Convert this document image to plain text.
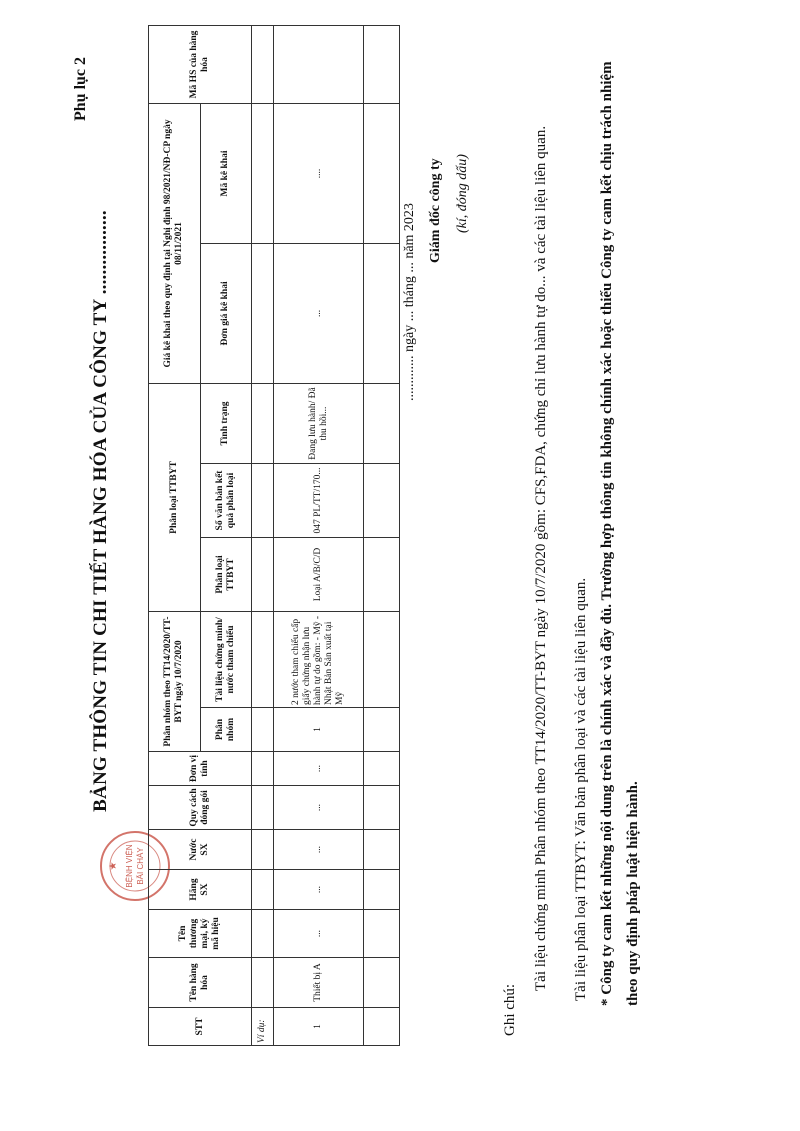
Phụ lục 2
BẢNG THÔNG TIN CHI TIẾT HÀNG HÓA CỦA CÔNG TY .................
BỆNH VIỆN BÃI CHÁY
★
STT	Tên hàng hóa	Tên thương mại, ký mã hiệu	Hãng SX	Nước SX	Quy cách đóng gói	Đơn vị tính	Phân nhóm theo TT14/2020/TT-BYT ngày 10/7/2020		Phân loại TTBYT			Giá kê khai theo quy định tại Nghị định 98/2021/NĐ-CP ngày 08/11/2021		Mã HS của hàng hóa
							Phân nhóm	Tài liệu chứng minh/ nước tham chiếu	Phân loại TTBYT	Số văn bản kết quả phân loại	Tình trạng	Đơn giá kê khai	Mã kê khai	
Ví dụ:														
1	Thiết bị A	...	...	...	...	...	1	2 nước tham chiếu cấp giấy chứng nhận lưu hành tự do gồm: - Mỹ - Nhật Bản Sản xuất tại Mỹ	Loại A/B/C/D	047 PL/TT/170...	Đang lưu hành/ Đã thu hồi...	...	....	

............. ngày ... tháng ... năm 2023 Giám đốc công ty (kí, đóng dấu)
Ghi chú:
Tài liệu chứng minh Phân nhóm theo TT14/2020/TT-BYT ngày 10/7/2020 gồm: CFS,FDA, chứng chỉ lưu hành tự do... và các tài liệu liên quan.	Tài liệu phân loại TTBYT: Văn bản phân loại và các tài liệu liên quan. * Công ty cam kết những nội dung trên là chính xác và đầy đủ. Trường hợp thông tin không chính xác hoặc thiếu Công ty cam kết chịu trách nhiệm theo quy định pháp luật hiện hành.
